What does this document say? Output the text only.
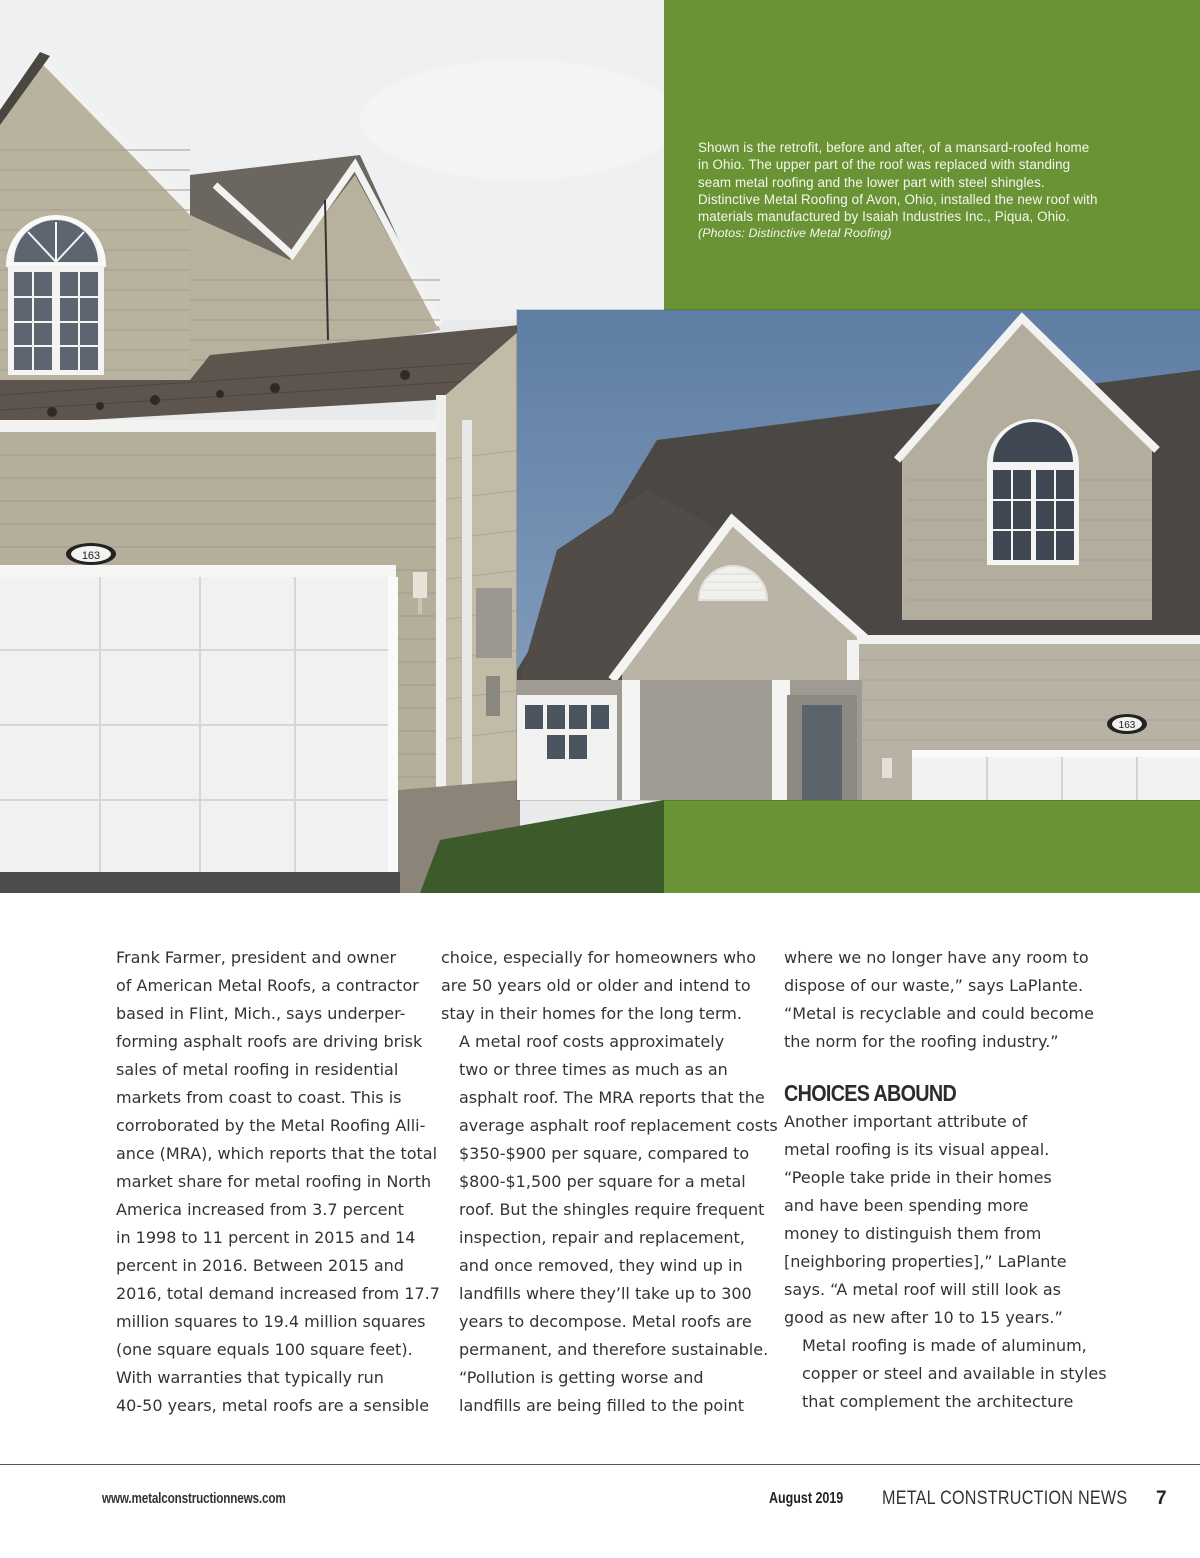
163
163
Shown is the retrofit, before and after, of a mansard-roofed home
in Ohio. The upper part of the roof was replaced with standing
seam metal roofing and the lower part with steel shingles.
Distinctive Metal Roofing of Avon, Ohio, installed the new roof with
materials manufactured by Isaiah Industries Inc., Piqua, Ohio.
(Photos: Distinctive Metal Roofing)

Frank Farmer, president and owner
of American Metal Roofs, a contractor
based in Flint, Mich., says underper-
forming asphalt roofs are driving brisk
sales of metal roofing in residential
markets from coast to coast. This is
corroborated by the Metal Roofing Alli-
ance (MRA), which reports that the total
market share for metal roofing in North
America increased from 3.7 percent
in 1998 to 11 percent in 2015 and 14
percent in 2016. Between 2015 and
2016, total demand increased from 17.7
million squares to 19.4 million squares
(one square equals 100 square feet).

With warranties that typically run
40-50 years, metal roofs are a sensible

choice, especially for homeowners who
are 50 years old or older and intend to
stay in their homes for the long term.

A metal roof costs approximately
two or three times as much as an
asphalt roof. The MRA reports that the
average asphalt roof replacement costs
$350-$900 per square, compared to
$800-$1,500 per square for a metal
roof. But the shingles require frequent
inspection, repair and replacement,
and once removed, they wind up in
landfills where they’ll take up to 300
years to decompose. Metal roofs are
permanent, and therefore sustainable.

“Pollution is getting worse and
landfills are being filled to the point

where we no longer have any room to
dispose of our waste,” says LaPlante.
“Metal is recyclable and could become
the norm for the roofing industry.”

CHOICES ABOUND

Another important attribute of
metal roofing is its visual appeal.
“People take pride in their homes
and have been spending more
money to distinguish them from
[neighboring properties],” LaPlante
says. “A metal roof will still look as
good as new after 10 to 15 years.”

Metal roofing is made of aluminum,
copper or steel and available in styles
that complement the architecture

www.metalconstructionnews.com	August 2019 METAL CONSTRUCTION NEWS 7
